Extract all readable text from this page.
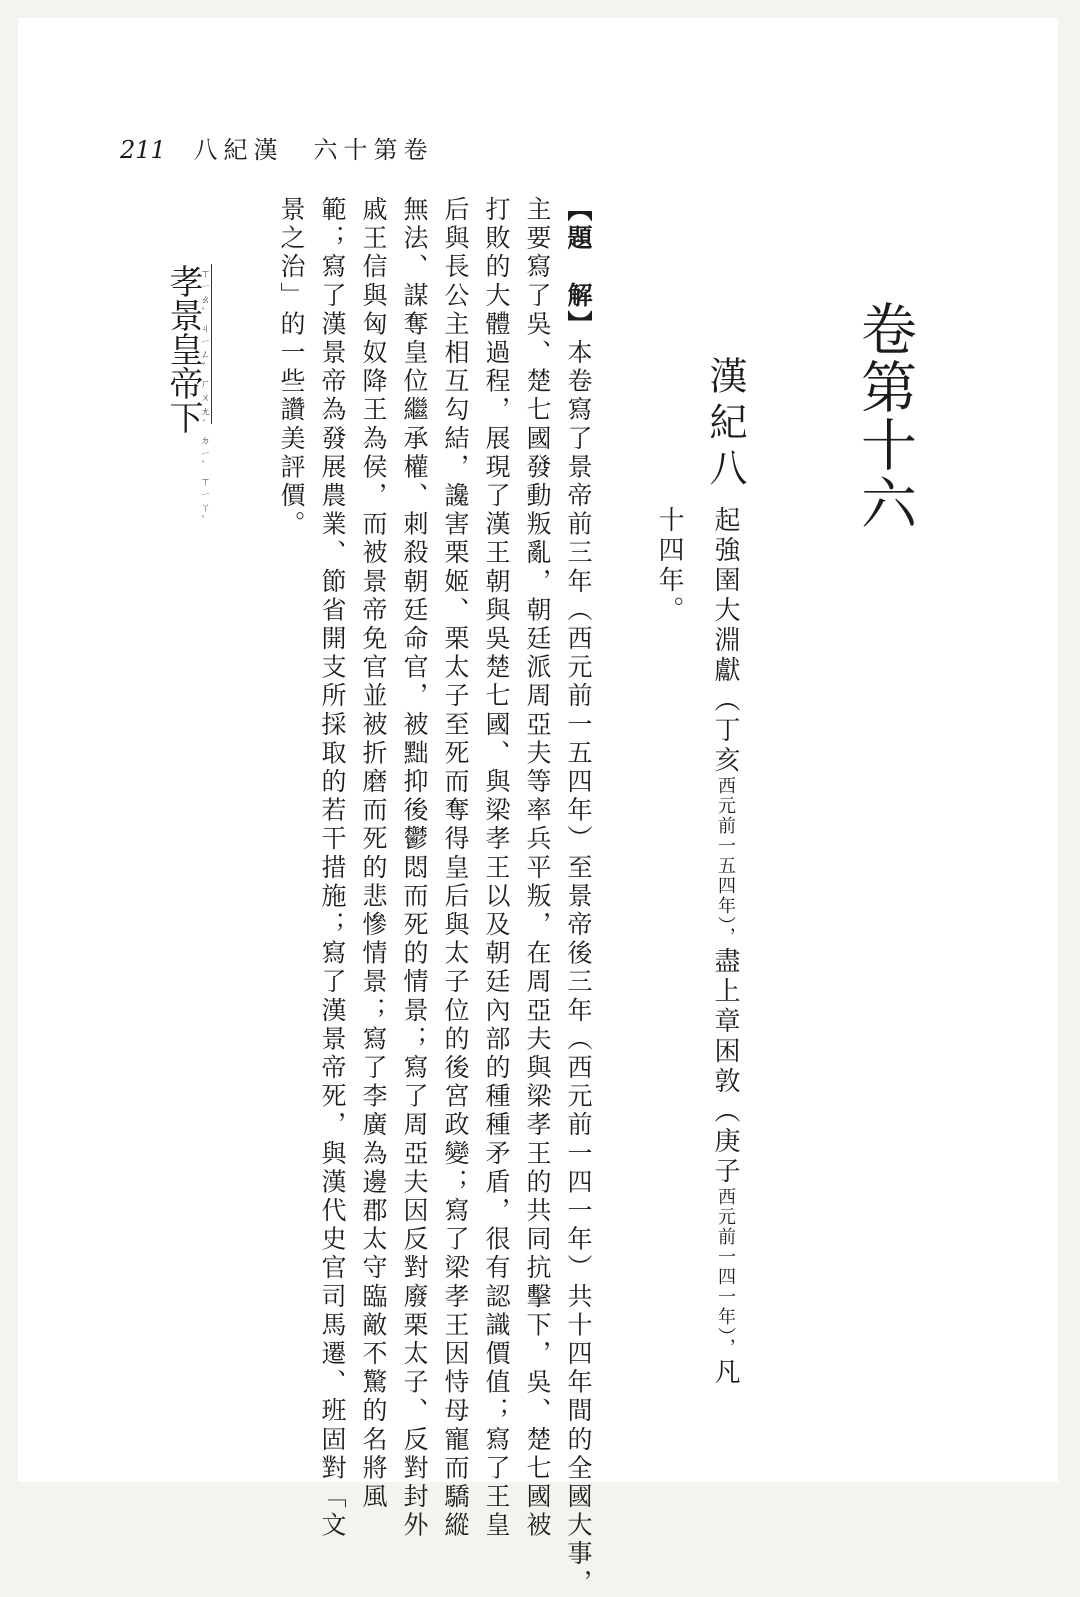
211 八紀漢　六十第卷
卷第十六
漢紀八
起強圉大淵獻（丁亥西元前一五四年），盡上章困敦（庚子西元前一四一年），凡
十四年。
【題　解】本卷寫了景帝前三年（西元前一五四年）至景帝後三年（西元前一四一年）共十四年間的全國大事，
主要寫了吳、楚七國發動叛亂，朝廷派周亞夫等率兵平叛，在周亞夫與梁孝王的共同抗擊下，吳、楚七國被
打敗的大體過程，展現了漢王朝與吳楚七國、與梁孝王以及朝廷內部的種種矛盾，很有認識價值；寫了王皇
后與長公主相互勾結，讒害栗姬、栗太子至死而奪得皇后與太子位的後宮政變；寫了梁孝王因恃母寵而驕縱
無法、謀奪皇位繼承權、刺殺朝廷命官，被黜抑後鬱悶而死的情景；寫了周亞夫因反對廢栗太子、反對封外
戚王信與匈奴降王為侯，而被景帝免官並被折磨而死的悲慘情景；寫了李廣為邊郡太守臨敵不驚的名將風
範；寫了漢景帝為發展農業、節省開支所採取的若干措施；寫了漢景帝死，與漢代史官司馬遷、班固對「文
景之治」的一些讚美評價。
孝景皇帝下
ㄒㄧㄠˋㄐㄧㄥˇㄏㄨㄤˊㄉㄧˋㄒㄧㄚˋ
